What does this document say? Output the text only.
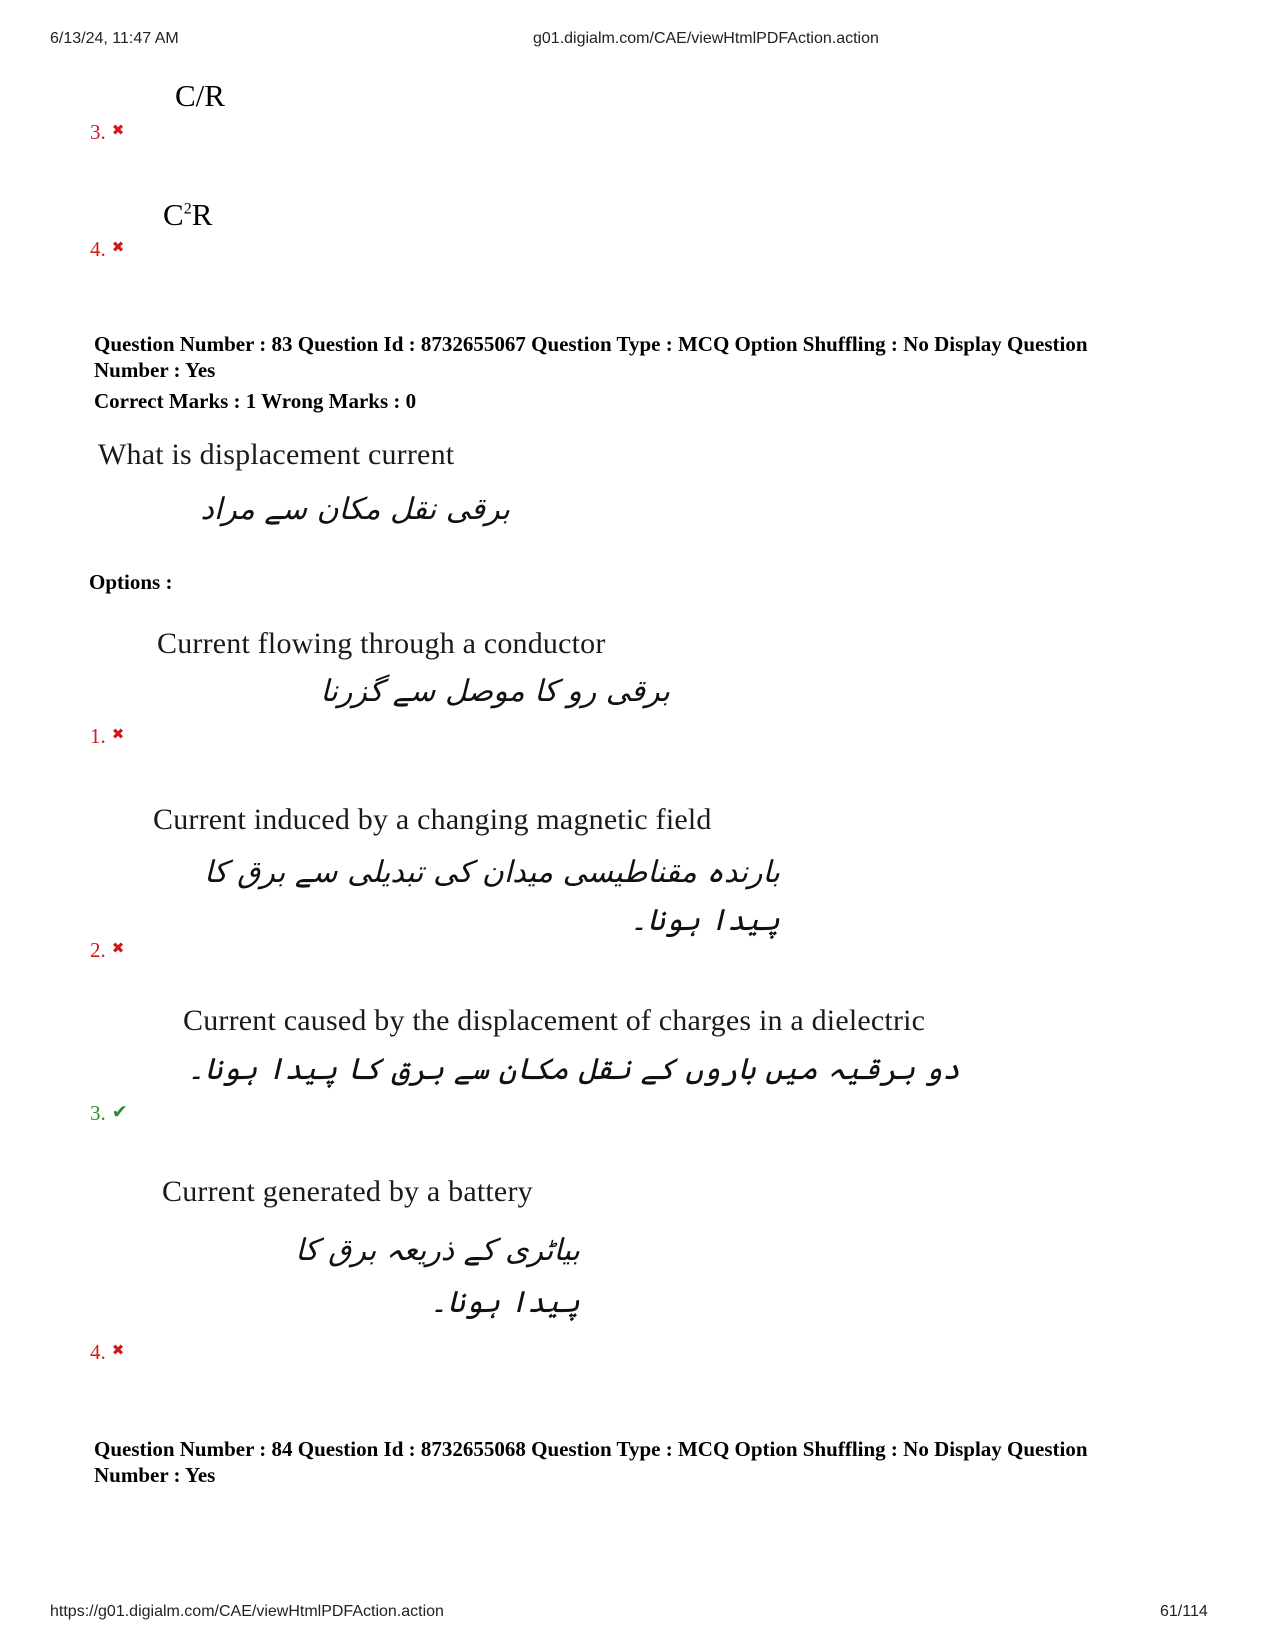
6/13/24, 11:47 AM	g01.digialm.com/CAE/viewHtmlPDFAction.action
C/R
3. ✖
$C^2R$
4. ✖
Question Number : 83 Question Id : 8732655067 Question Type : MCQ Option Shuffling : No Display Question
Number : Yes
Correct Marks : 1 Wrong Marks : 0
What is displacement current
برقی نقل مکان سے مراد
Options :
Current flowing through a conductor
برقی رو کا موصل سے گزرنا
1. ✖
Current induced by a changing magnetic field
بارندہ مقناطیسی میدان کی تبدیلی سے برق کا
پیدا ہونا۔
2. ✖
Current caused by the displacement of charges in a dielectric
دو برقیہ میں باروں کے نقل مکان سے برق کا پیدا ہونا۔
3. ✔
Current generated by a battery
بیاٹری کے ذریعہ برق کا
پیدا ہونا۔
4. ✖
Question Number : 84 Question Id : 8732655068 Question Type : MCQ Option Shuffling : No Display Question
Number : Yes
https://g01.digialm.com/CAE/viewHtmlPDFAction.action	61/114
